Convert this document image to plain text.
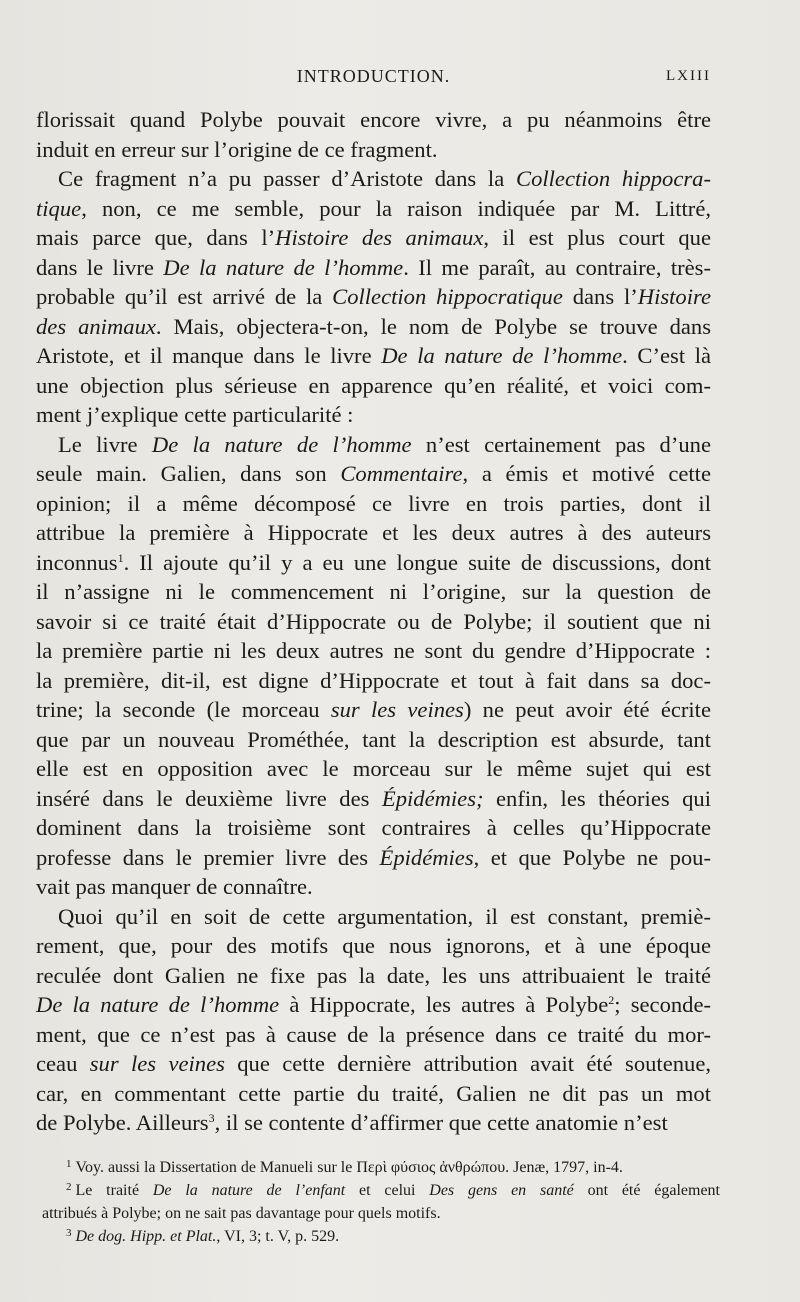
INTRODUCTION.	LXIII
florissait quand Polybe pouvait encore vivre, a pu néanmoins être
induit en erreur sur l’origine de ce fragment.
Ce fragment n’a pu passer d’Aristote dans la Collection hippocra-
tique, non, ce me semble, pour la raison indiquée par M. Littré,
mais parce que, dans l’Histoire des animaux, il est plus court que
dans le livre De la nature de l’homme. Il me paraît, au contraire, très-
probable qu’il est arrivé de la Collection hippocratique dans l’Histoire
des animaux. Mais, objectera-t-on, le nom de Polybe se trouve dans
Aristote, et il manque dans le livre De la nature de l’homme. C’est là
une objection plus sérieuse en apparence qu’en réalité, et voici com-
ment j’explique cette particularité :
Le livre De la nature de l’homme n’est certainement pas d’une
seule main. Galien, dans son Commentaire, a émis et motivé cette
opinion; il a même décomposé ce livre en trois parties, dont il
attribue la première à Hippocrate et les deux autres à des auteurs
inconnus$^1$. Il ajoute qu’il y a eu une longue suite de discussions, dont
il n’assigne ni le commencement ni l’origine, sur la question de
savoir si ce traité était d’Hippocrate ou de Polybe; il soutient que ni
la première partie ni les deux autres ne sont du gendre d’Hippocrate :
la première, dit-il, est digne d’Hippocrate et tout à fait dans sa doc-
trine; la seconde (le morceau sur les veines) ne peut avoir été écrite
que par un nouveau Prométhée, tant la description est absurde, tant
elle est en opposition avec le morceau sur le même sujet qui est
inséré dans le deuxième livre des Épidémies; enfin, les théories qui
dominent dans la troisième sont contraires à celles qu’Hippocrate
professe dans le premier livre des Épidémies, et que Polybe ne pou-
vait pas manquer de connaître.
Quoi qu’il en soit de cette argumentation, il est constant, premiè-
rement, que, pour des motifs que nous ignorons, et à une époque
reculée dont Galien ne fixe pas la date, les uns attribuaient le traité
De la nature de l’homme à Hippocrate, les autres à Polybe$^2$; seconde-
ment, que ce n’est pas à cause de la présence dans ce traité du mor-
ceau sur les veines que cette dernière attribution avait été soutenue,
car, en commentant cette partie du traité, Galien ne dit pas un mot
de Polybe. Ailleurs$^3$, il se contente d’affirmer que cette anatomie n’est
$^1$ Voy. aussi la Dissertation de Manueli sur le Περὶ φύσιος ἀνθρώπου. Jenæ, 1797, in-4.
$^2$ Le traité De la nature de l’enfant et celui Des gens en santé ont été également
attribués à Polybe; on ne sait pas davantage pour quels motifs.
$^3$ De dog. Hipp. et Plat., VI, 3; t. V, p. 529.
